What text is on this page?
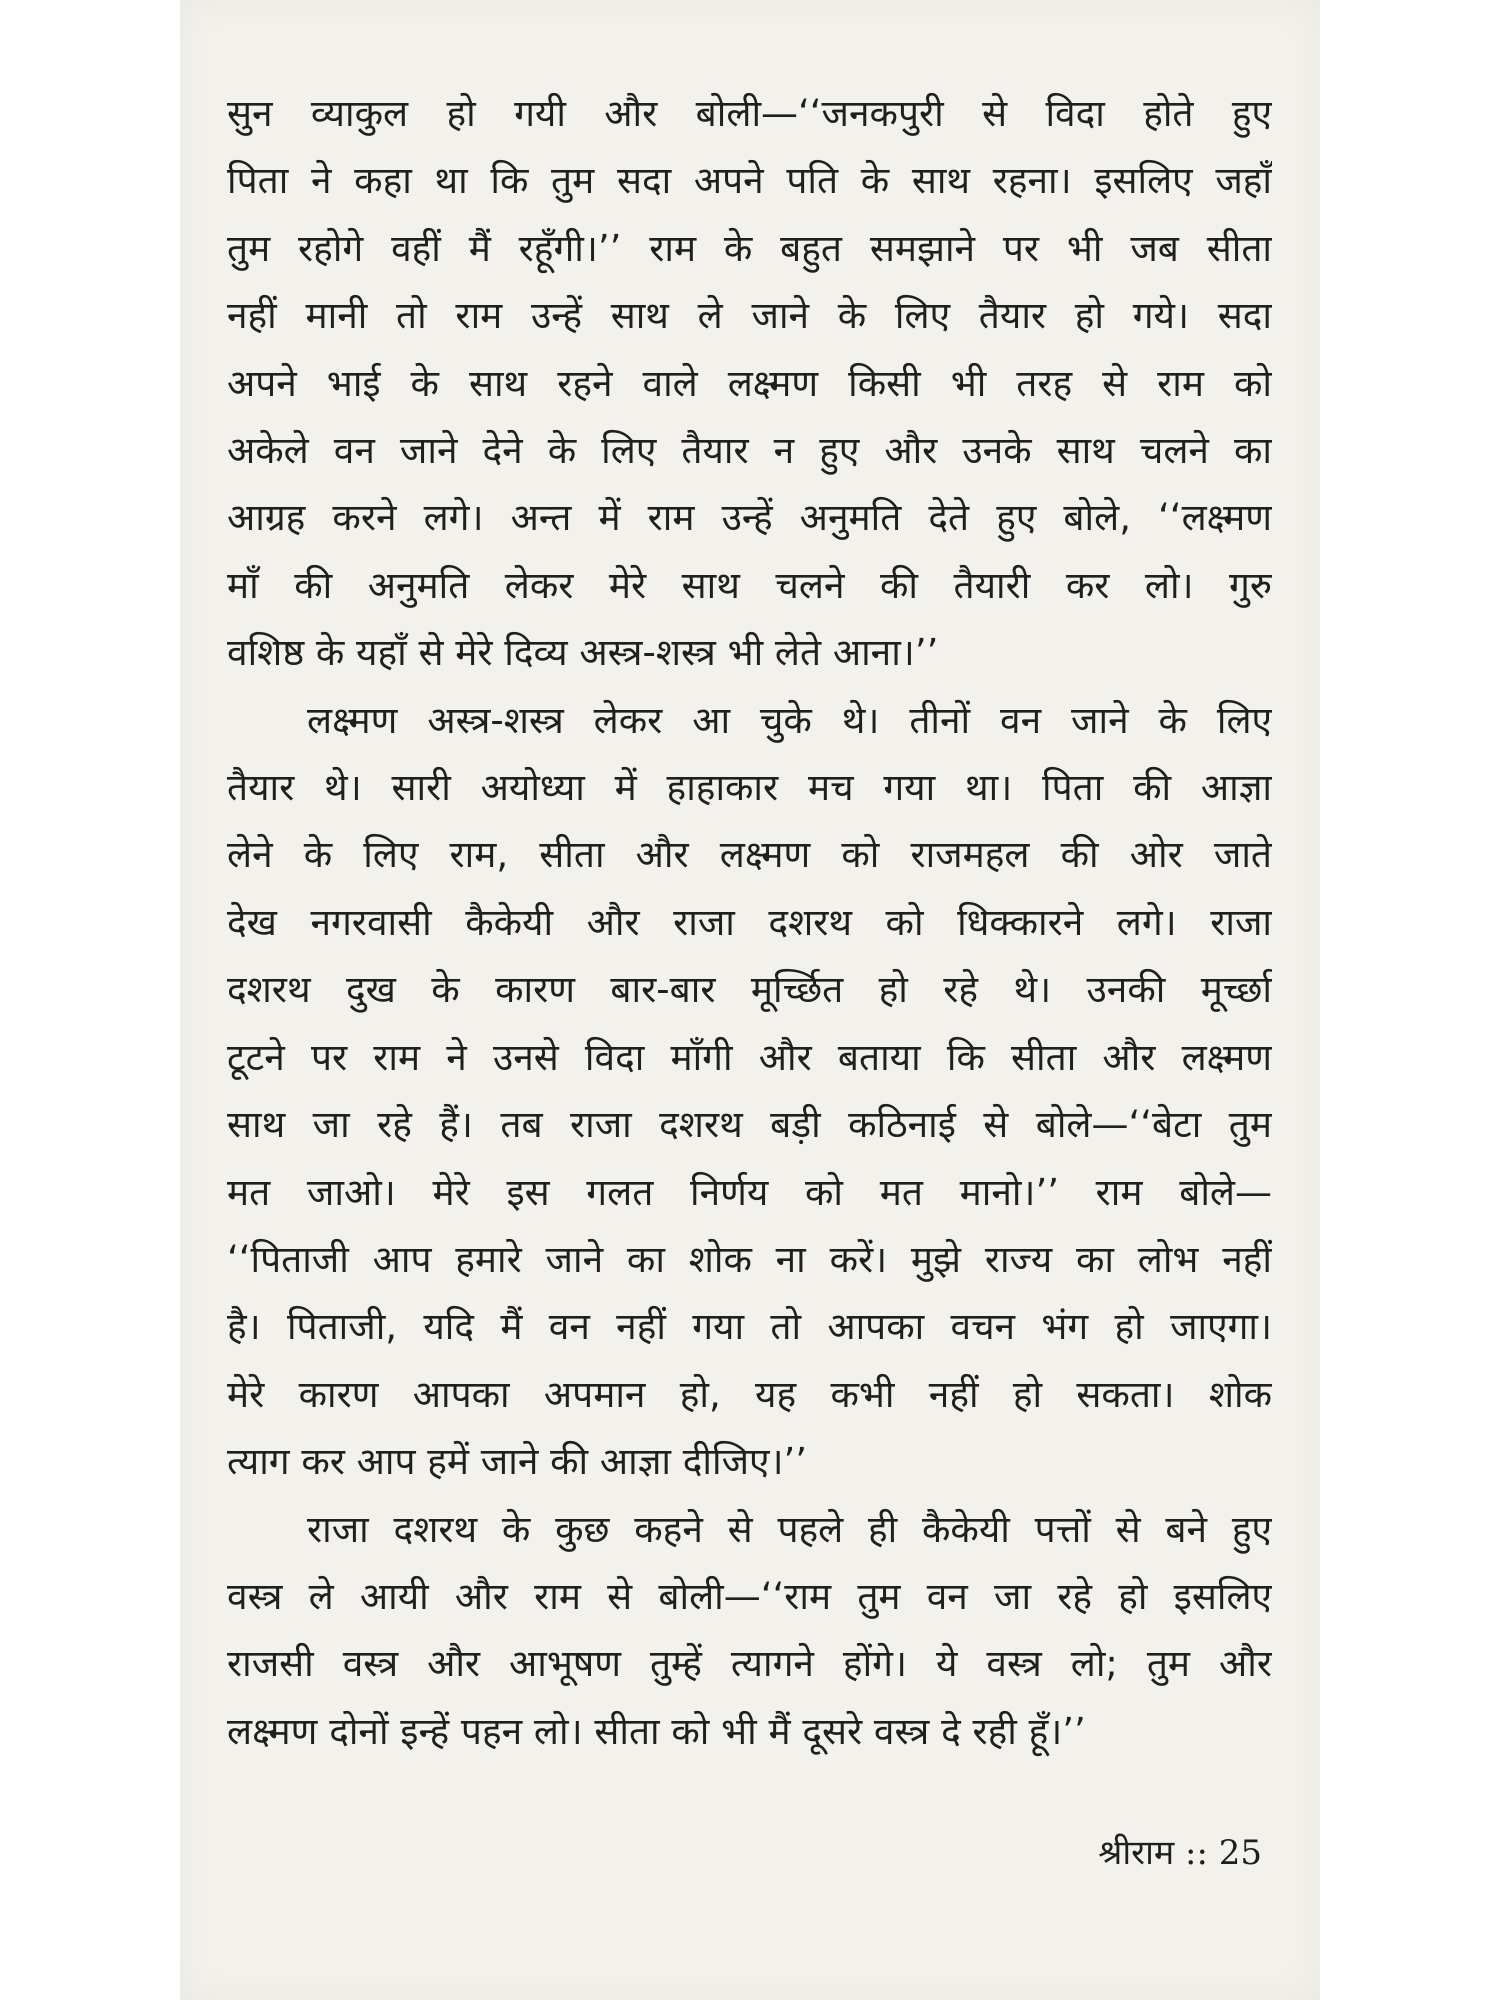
सुन व्याकुल हो गयी और बोली—‘‘जनकपुरी से विदा होते हुए
पिता ने कहा था कि तुम सदा अपने पति के साथ रहना। इसलिए जहाँ
तुम रहोगे वहीं मैं रहूँगी।’’ राम के बहुत समझाने पर भी जब सीता
नहीं मानी तो राम उन्हें साथ ले जाने के लिए तैयार हो गये। सदा
अपने भाई के साथ रहने वाले लक्ष्मण किसी भी तरह से राम को
अकेले वन जाने देने के लिए तैयार न हुए और उनके साथ चलने का
आग्रह करने लगे। अन्त में राम उन्हें अनुमति देते हुए बोले, ‘‘लक्ष्मण
माँ की अनुमति लेकर मेरे साथ चलने की तैयारी कर लो। गुरु
वशिष्ठ के यहाँ से मेरे दिव्य अस्त्र-शस्त्र भी लेते आना।’’
लक्ष्मण अस्त्र-शस्त्र लेकर आ चुके थे। तीनों वन जाने के लिए
तैयार थे। सारी अयोध्या में हाहाकार मच गया था। पिता की आज्ञा
लेने के लिए राम, सीता और लक्ष्मण को राजमहल की ओर जाते
देख नगरवासी कैकेयी और राजा दशरथ को धिक्कारने लगे। राजा
दशरथ दुख के कारण बार-बार मूर्च्छित हो रहे थे। उनकी मूर्च्छा
टूटने पर राम ने उनसे विदा माँगी और बताया कि सीता और लक्ष्मण
साथ जा रहे हैं। तब राजा दशरथ बड़ी कठिनाई से बोले—‘‘बेटा तुम
मत जाओ। मेरे इस गलत निर्णय को मत मानो।’’ राम बोले—
‘‘पिताजी आप हमारे जाने का शोक ना करें। मुझे राज्य का लोभ नहीं
है। पिताजी, यदि मैं वन नहीं गया तो आपका वचन भंग हो जाएगा।
मेरे कारण आपका अपमान हो, यह कभी नहीं हो सकता। शोक
त्याग कर आप हमें जाने की आज्ञा दीजिए।’’
राजा दशरथ के कुछ कहने से पहले ही कैकेयी पत्तों से बने हुए
वस्त्र ले आयी और राम से बोली—‘‘राम तुम वन जा रहे हो इसलिए
राजसी वस्त्र और आभूषण तुम्हें त्यागने होंगे। ये वस्त्र लो; तुम और
लक्ष्मण दोनों इन्हें पहन लो। सीता को भी मैं दूसरे वस्त्र दे रही हूँ।’’
श्रीराम :: 25
